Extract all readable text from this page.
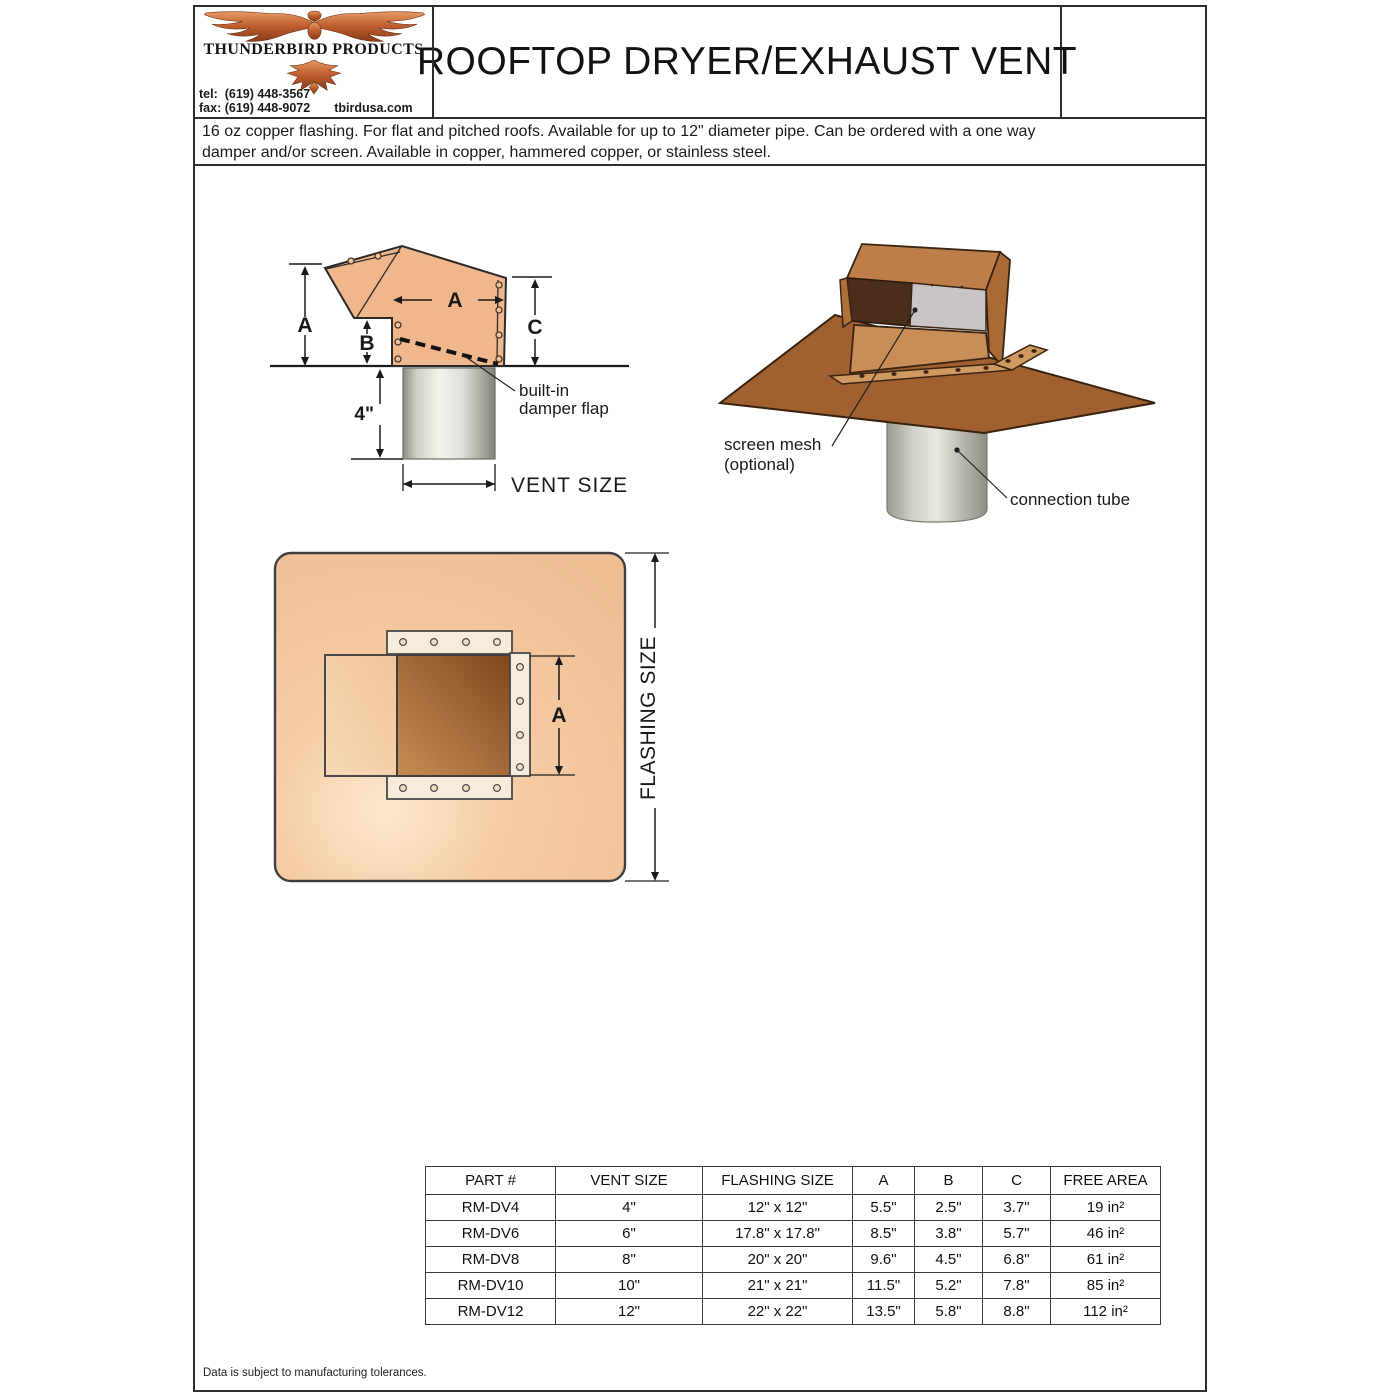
THUNDERBIRD PRODUCTS
tel: (619) 448-3567
fax: (619) 448-9072 tbirdusa.com
ROOFTOP DRYER/EXHAUST VENT
16 oz copper flashing. For flat and pitched roofs. Available for up to 12" diameter pipe. Can be ordered with a one way
damper and/or screen. Available in copper, hammered copper, or stainless steel.
built-in
damper flap
A
B
C
A
4"
VENT SIZE
screen mesh
(optional)
connection tube
A	FLASHING SIZE
PART #	VENT SIZE	FLASHING SIZE	A	B	C	FREE AREA
RM-DV4	4"	12" x 12"	5.5"	2.5"	3.7"	19 in²
RM-DV6	6"	17.8" x 17.8"	8.5"	3.8"	5.7"	46 in²
RM-DV8	8"	20" x 20"	9.6"	4.5"	6.8"	61 in²
RM-DV10	10"	21" x 21"	11.5"	5.2"	7.8"	85 in²
RM-DV12	12"	22" x 22"	13.5"	5.8"	8.8"	112 in²
Data is subject to manufacturing tolerances.
